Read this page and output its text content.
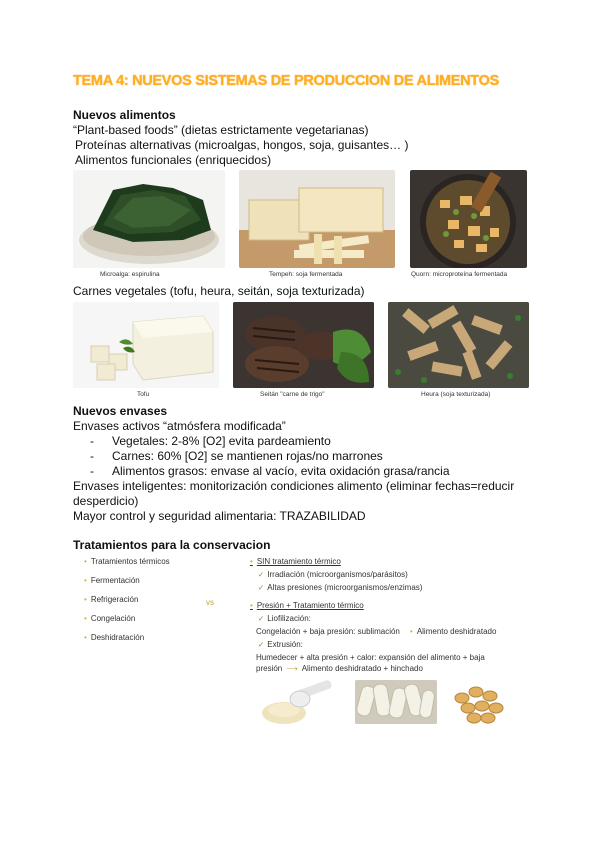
TEMA 4: NUEVOS SISTEMAS DE PRODUCCION DE ALIMENTOS
Nuevos alimentos
“Plant-based foods” (dietas estrictamente vegetarianas)
Proteínas alternativas (microalgas, hongos, soja, guisantes… )
Alimentos funcionales (enriquecidos)
Microalga: espirulina	Tempeh: soja fermentada	Quorn: microproteína fermentada
Carnes vegetales (tofu, heura, seitán, soja texturizada)
Tofu	Seitán "carne de trigo"	Heura (soja texturizada)
Nuevos envases
Envases activos “atmósfera modificada”
- Vegetales: 2-8% [O2] evita pardeamiento
- Carnes: 60% [O2] se mantienen rojas/no marrones
- Alimentos grasos: envase al vacío, evita oxidación grasa/rancia
Envases inteligentes: monitorización condiciones alimento (eliminar fechas=reducir
desperdicio)
Mayor control y seguridad alimentaria: TRAZABILIDAD
Tratamientos para la conservacion
• Tratamientos térmicos
• Fermentación
• Refrigeración
• Congelación
• Deshidratación
vs
• SIN tratamiento térmico
✓ Irradiación (microorganismos/parásitos)
✓ Altas presiones (microorganismos/enzimas)
• Presión + Tratamiento térmico
✓ Liofilización:
Congelación + baja presión: sublimación • Alimento deshidratado
✓ Extrusión:
Humedecer + alta presión + calor: expansión del alimento + baja
presión ⟶ Alimento deshidratado + hinchado
